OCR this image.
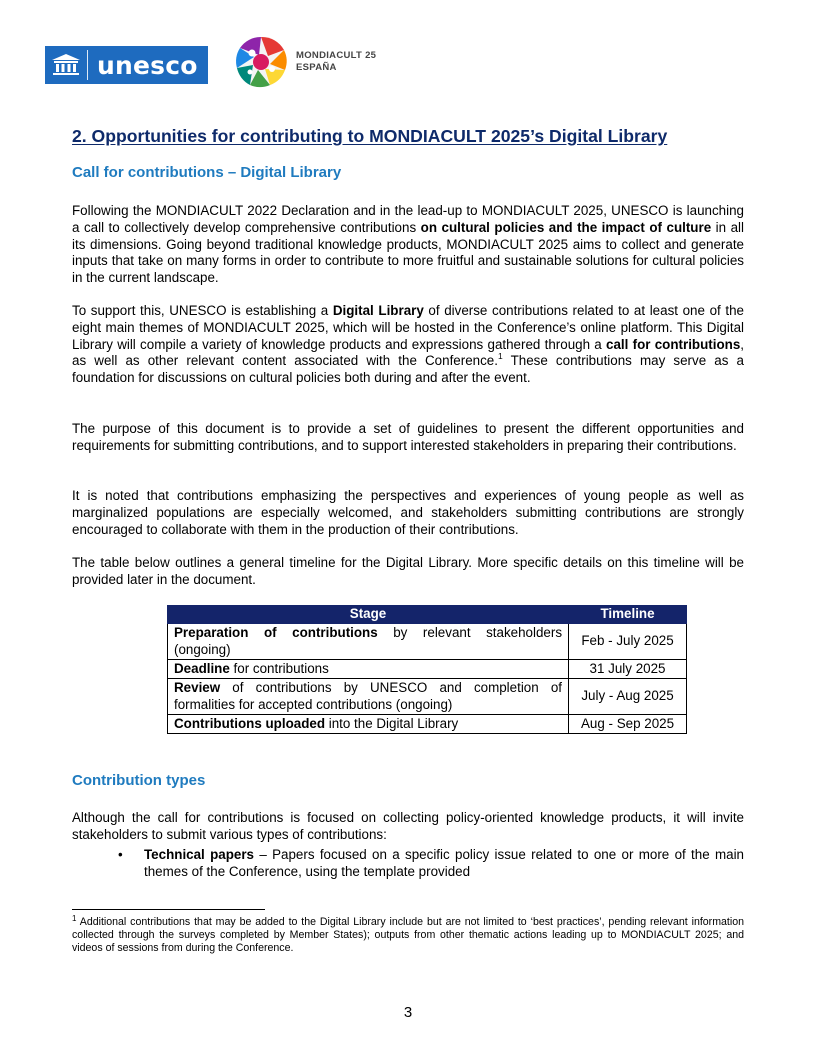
unesco	MONDIACULT 25
ESPAÑA
2. Opportunities for contributing to MONDIACULT 2025’s Digital Library
Call for contributions – Digital Library

Following the MONDIACULT 2022 Declaration and in the lead-up to MONDIACULT 2025, UNESCO is launching a call to collectively develop comprehensive contributions on cultural policies and the impact of culture in all its dimensions. Going beyond traditional knowledge products, MONDIACULT 2025 aims to collect and generate inputs that take on many forms in order to contribute to more fruitful and sustainable solutions for cultural policies in the current landscape.

To support this, UNESCO is establishing a Digital Library of diverse contributions related to at least one of the eight main themes of MONDIACULT 2025, which will be hosted in the Conference’s online platform. This Digital Library will compile a variety of knowledge products and expressions gathered through a call for contributions, as well as other relevant content associated with the Conference.$^1$ These contributions may serve as a foundation for discussions on cultural policies both during and after the event.

The purpose of this document is to provide a set of guidelines to present the different opportunities and requirements for submitting contributions, and to support interested stakeholders in preparing their contributions.

It is noted that contributions emphasizing the perspectives and experiences of young people as well as marginalized populations are especially welcomed, and stakeholders submitting contributions are strongly encouraged to collaborate with them in the production of their contributions.

The table below outlines a general timeline for the Digital Library. More specific details on this timeline will be provided later in the document.

Stage	Timeline
Preparation of contributions by relevant stakeholders (ongoing)	Feb - July 2025
Deadline for contributions	31 July 2025
Review of contributions by UNESCO and completion of formalities for accepted contributions (ongoing)	July - Aug 2025
Contributions uploaded into the Digital Library	Aug - Sep 2025
Contribution types

Although the call for contributions is focused on collecting policy-oriented knowledge products, it will invite stakeholders to submit various types of contributions:

• Technical papers – Papers focused on a specific policy issue related to one or more of the main themes of the Conference, using the template provided
$^1$ Additional contributions that may be added to the Digital Library include but are not limited to ‘best practices’, pending relevant information collected through the surveys completed by Member States); outputs from other thematic actions leading up to MONDIACULT 2025; and videos of sessions from during the Conference.
3
